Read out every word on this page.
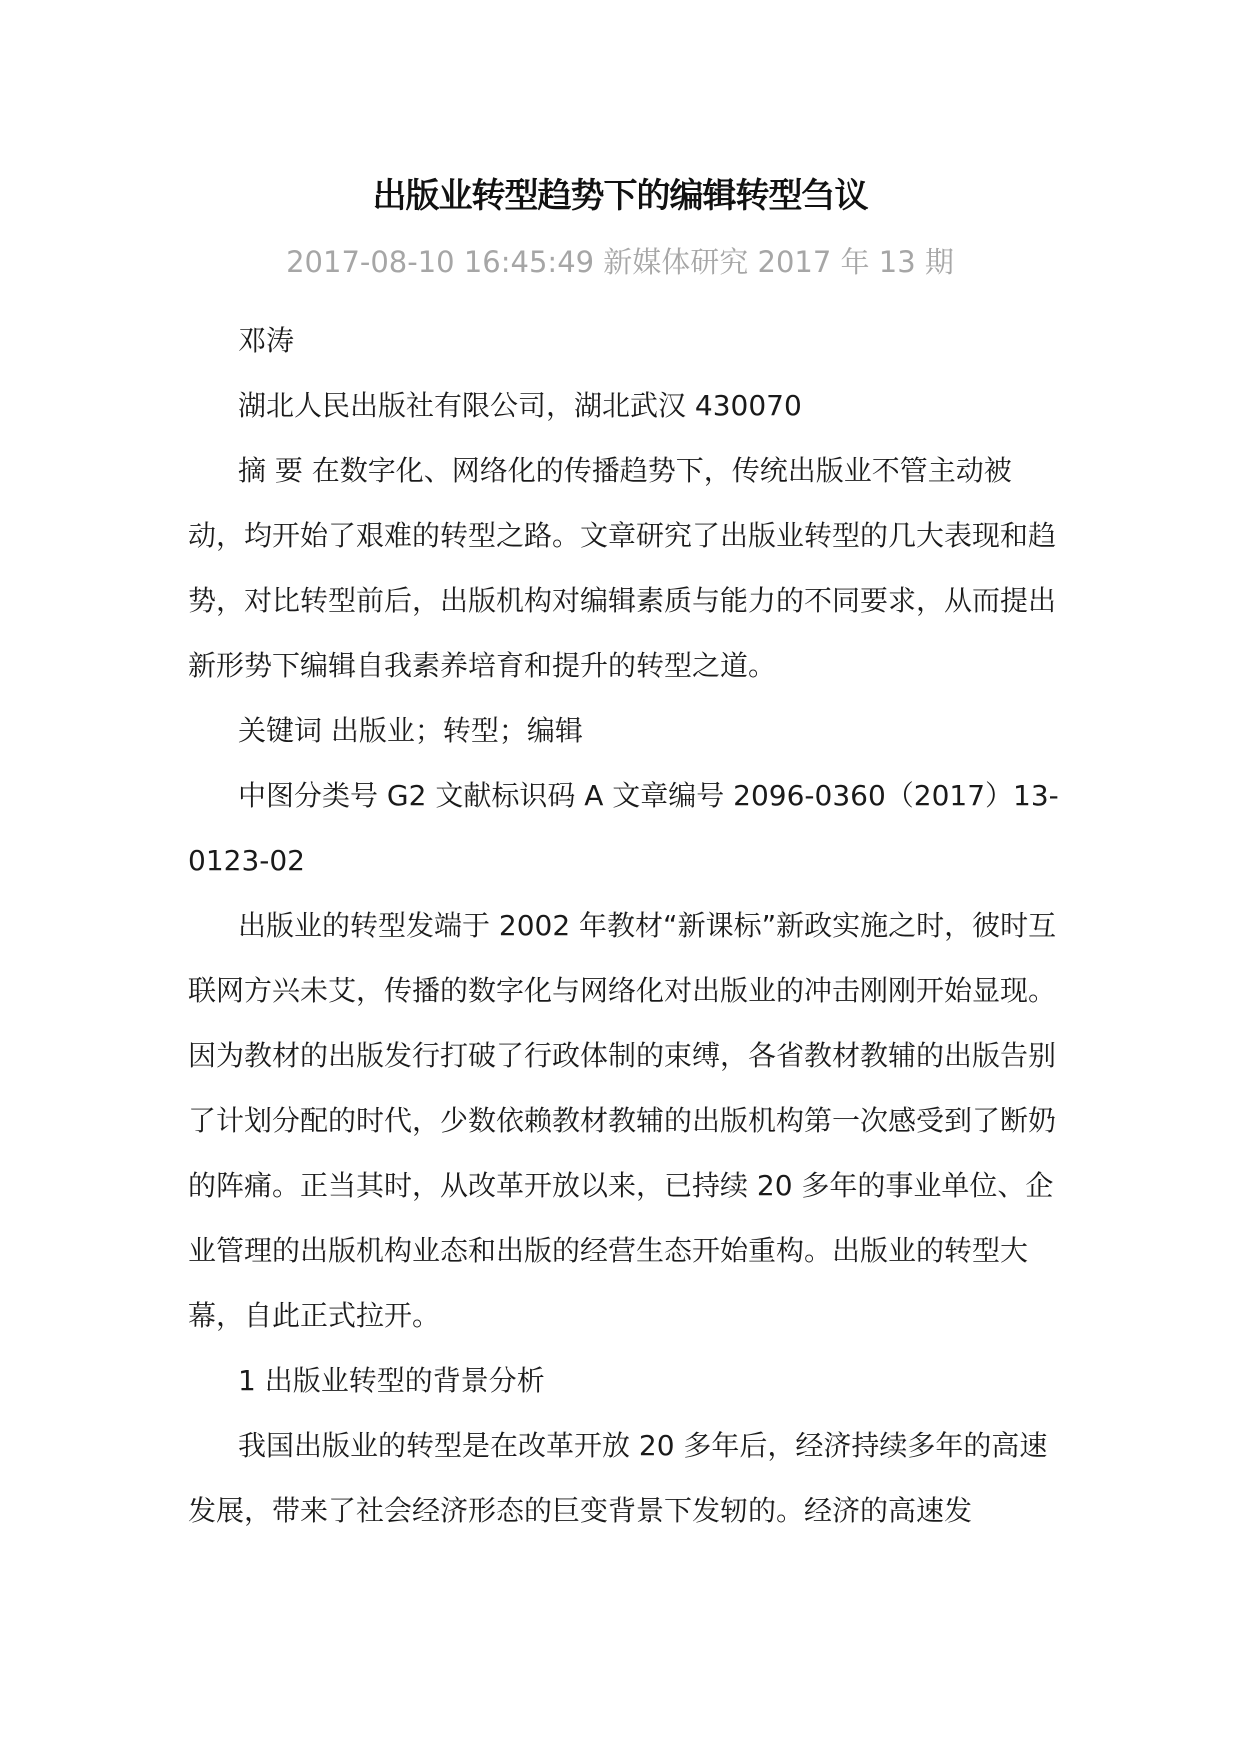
出版业转型趋势下的编辑转型刍议
2017-08-10 16:45:49 新媒体研究 2017 年 13 期

邓涛

湖北人民出版社有限公司，湖北武汉 430070

摘 要 在数字化、网络化的传播趋势下，传统出版业不管主动被动，均开始了艰难的转型之路。文章研究了出版业转型的几大表现和趋势，对比转型前后，出版机构对编辑素质与能力的不同要求，从而提出新形势下编辑自我素养培育和提升的转型之道。

关键词 出版业；转型；编辑

中图分类号 G2 文献标识码 A 文章编号 2096-0360（2017）13-0123-02

出版业的转型发端于 2002 年教材“新课标”新政实施之时，彼时互联网方兴未艾，传播的数字化与网络化对出版业的冲击刚刚开始显现。因为教材的出版发行打破了行政体制的束缚，各省教材教辅的出版告别了计划分配的时代，少数依赖教材教辅的出版机构第一次感受到了断奶的阵痛。正当其时，从改革开放以来，已持续 20 多年的事业单位、企业管理的出版机构业态和出版的经营生态开始重构。出版业的转型大幕，自此正式拉开。

1 出版业转型的背景分析

我国出版业的转型是在改革开放 20 多年后，经济持续多年的高速发展，带来了社会经济形态的巨变背景下发轫的。经济的高速发
